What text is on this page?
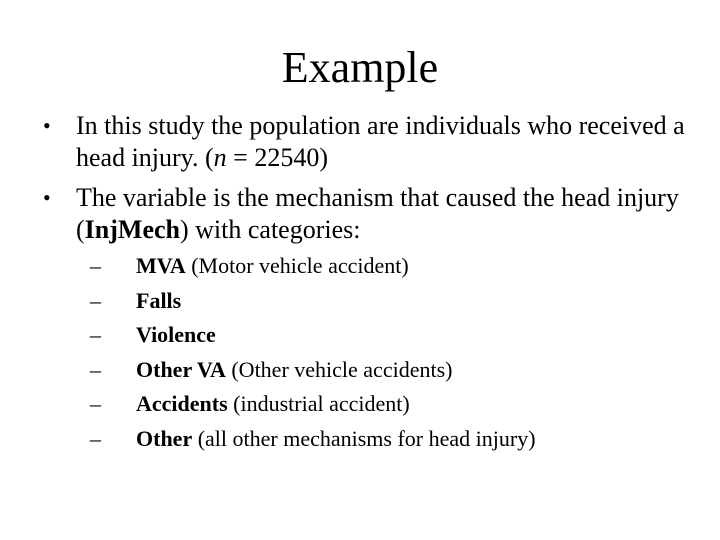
Example
• In this study the population are individuals who received a head injury. (n = 22540)
• The variable is the mechanism that caused the head injury (InjMech) with categories:
– MVA (Motor vehicle accident)
– Falls
– Violence
– Other VA (Other vehicle accidents)
– Accidents (industrial accident)
– Other (all other mechanisms for head injury)
